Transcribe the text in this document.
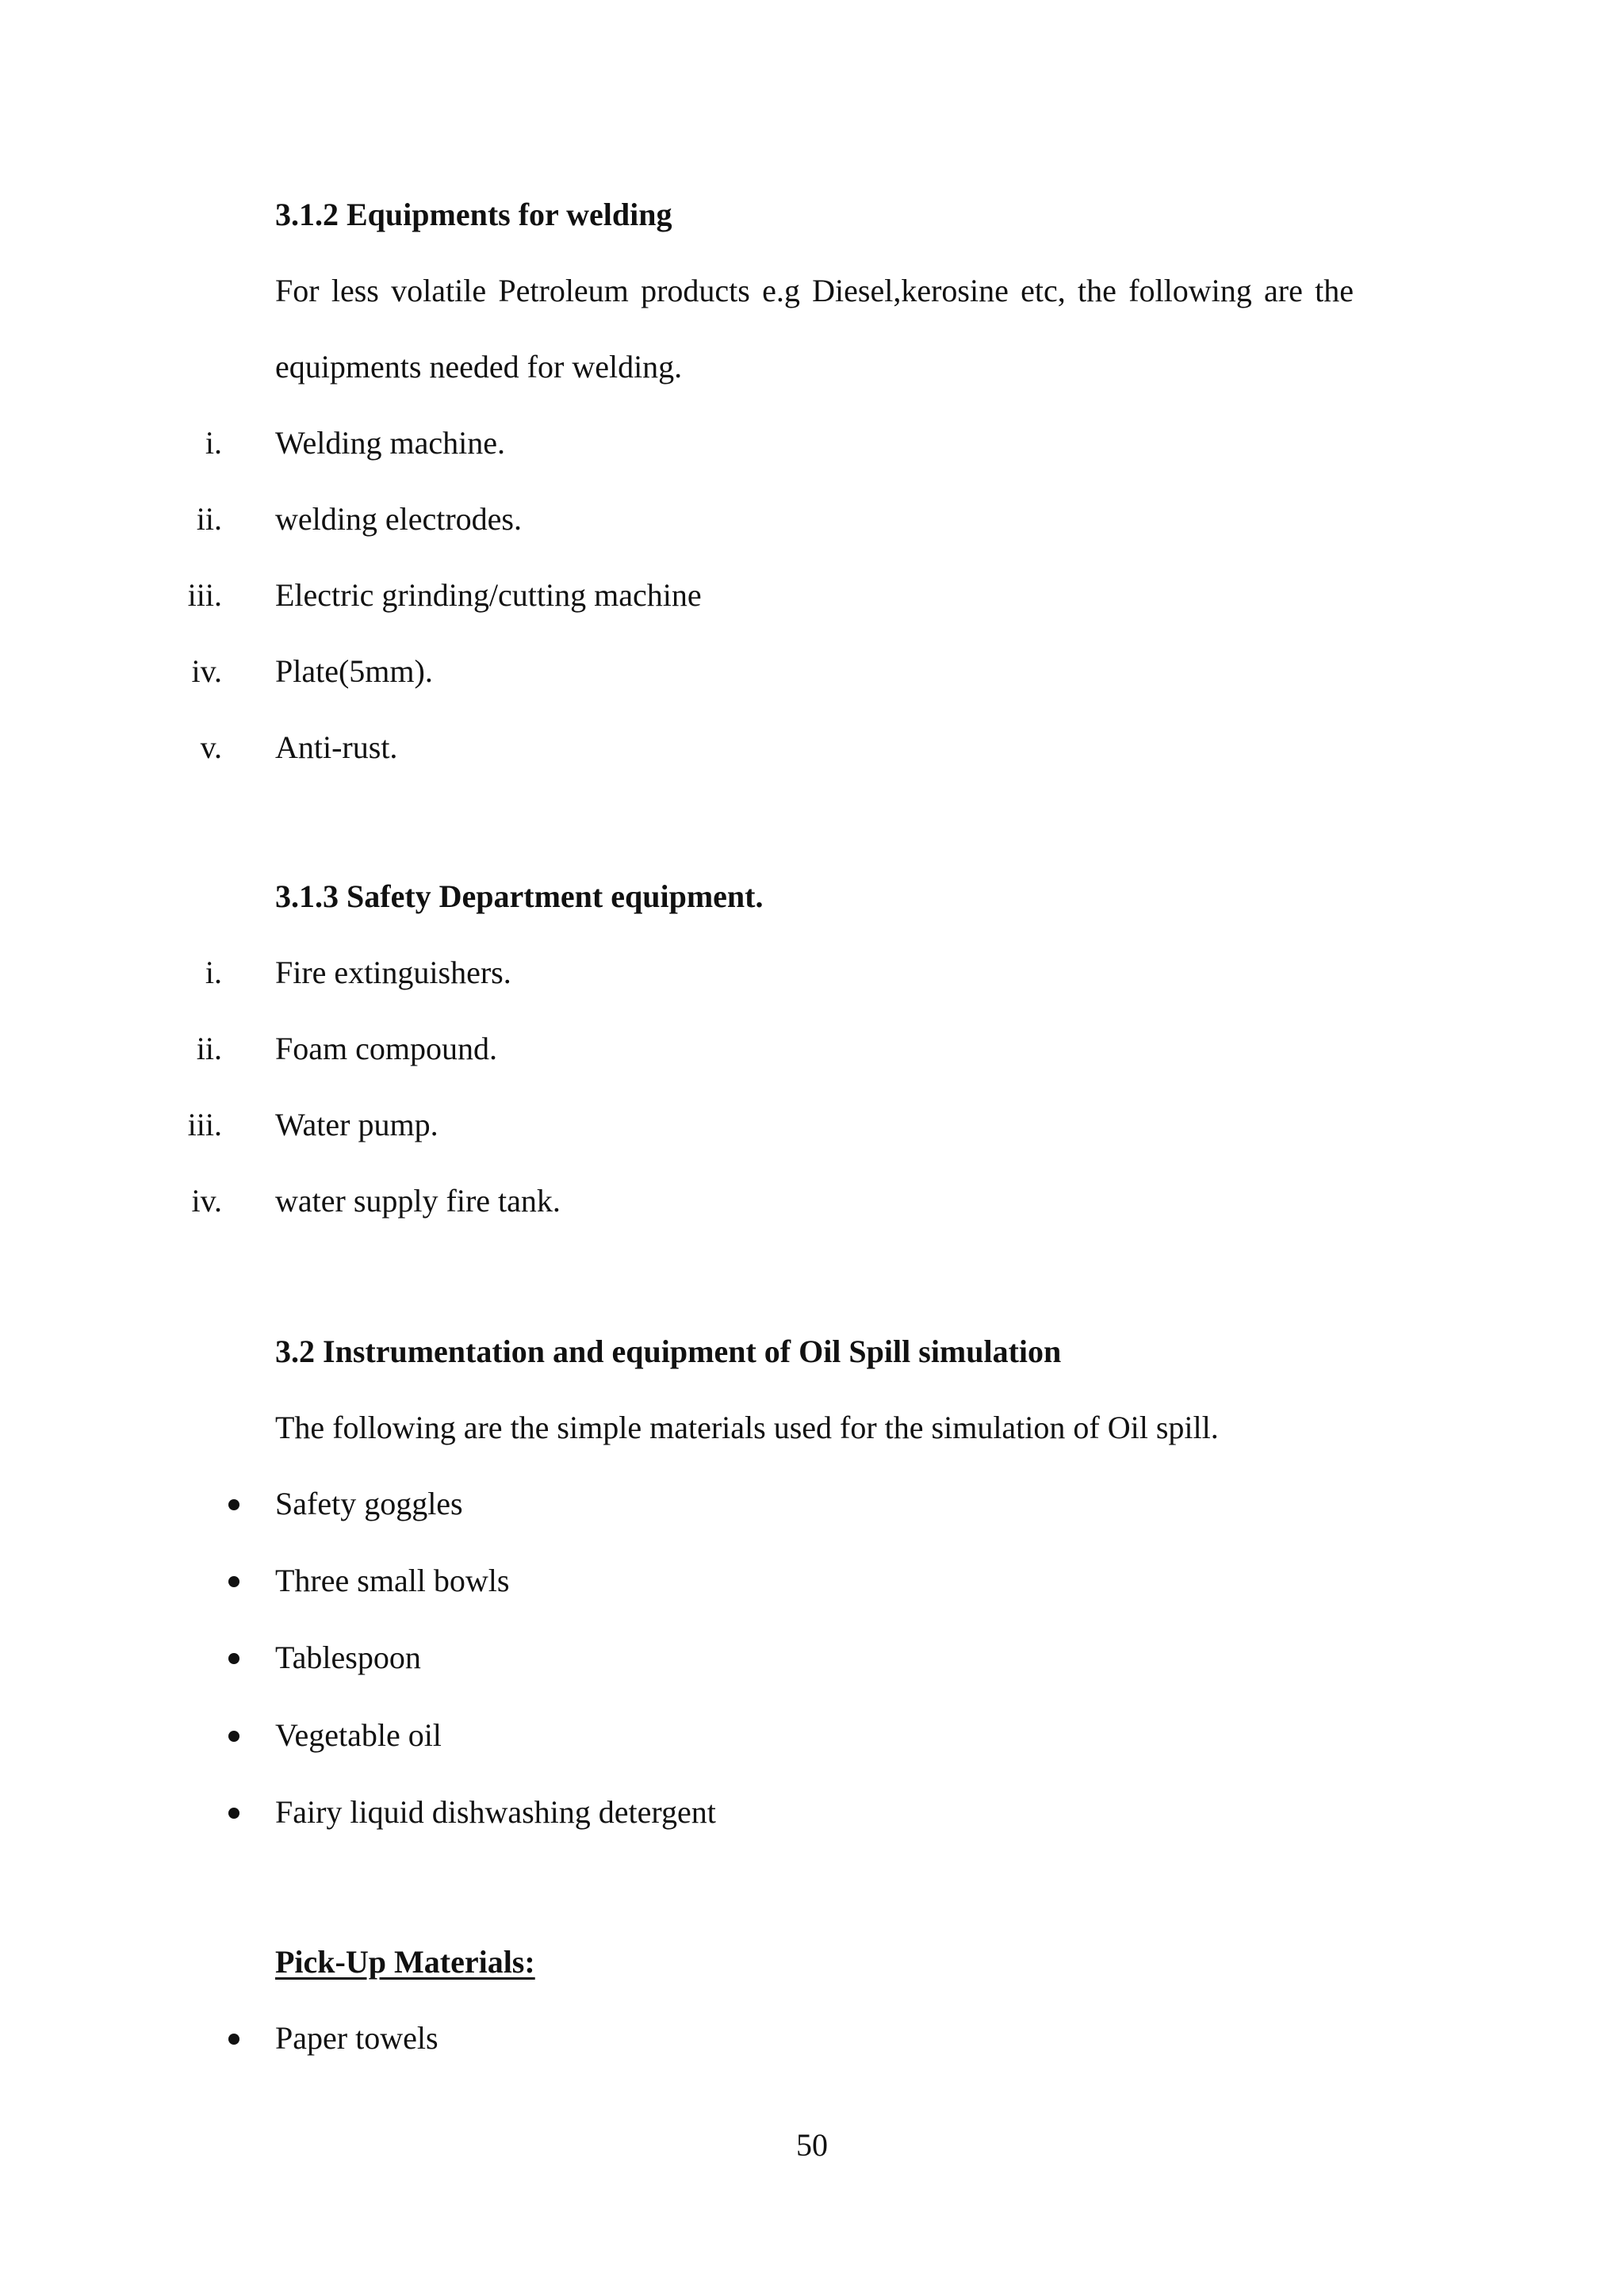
3.1.2 Equipments for welding
For less volatile Petroleum products e.g Diesel,kerosine etc, the following are the
equipments needed for welding.
i. Welding machine.
ii. welding electrodes.
iii. Electric grinding/cutting machine
iv. Plate(5mm).
v. Anti-rust.
3.1.3 Safety Department equipment.
i. Fire extinguishers.
ii. Foam compound.
iii. Water pump.
iv. water supply fire tank.
3.2 Instrumentation and equipment of Oil Spill simulation
The following are the simple materials used for the simulation of Oil spill.
Safety goggles
Three small bowls
Tablespoon
Vegetable oil
Fairy liquid dishwashing detergent
Pick-Up Materials:
Paper towels
50
